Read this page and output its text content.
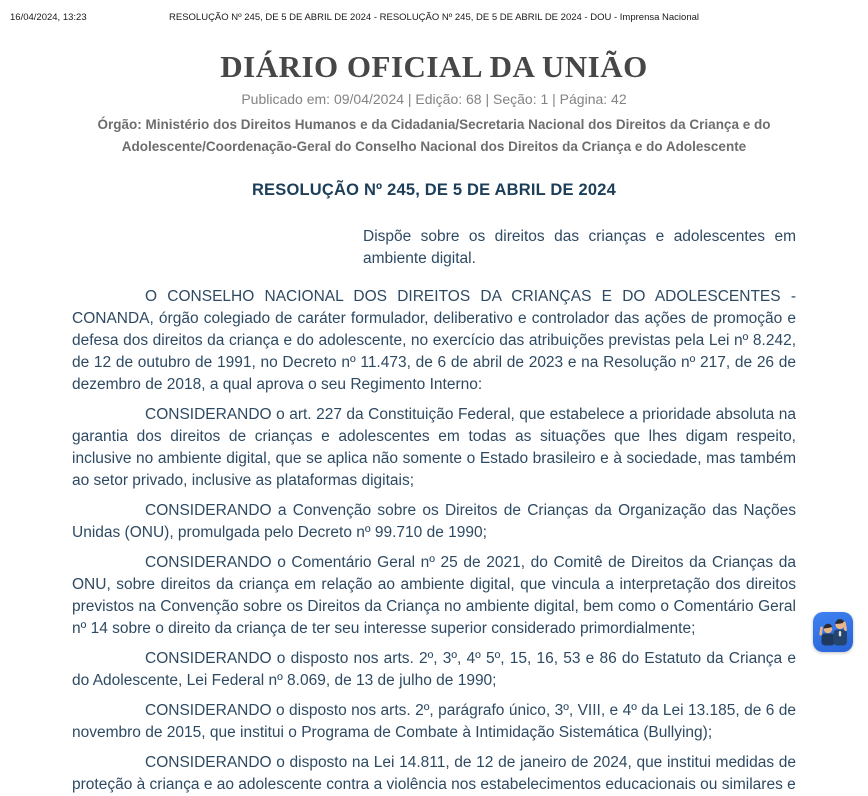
16/04/2024, 13:23	RESOLUÇÃO Nº 245, DE 5 DE ABRIL DE 2024 - RESOLUÇÃO Nº 245, DE 5 DE ABRIL DE 2024 - DOU - Imprensa Nacional
DIÁRIO OFICIAL DA UNIÃO
Publicado em: 09/04/2024 | Edição: 68 | Seção: 1 | Página: 42
Órgão: Ministério dos Direitos Humanos e da Cidadania/Secretaria Nacional dos Direitos da Criança e do Adolescente/Coordenação-Geral do Conselho Nacional dos Direitos da Criança e do Adolescente
RESOLUÇÃO Nº 245, DE 5 DE ABRIL DE 2024

Dispõe sobre os direitos das crianças e adolescentes em ambiente digital.

O CONSELHO NACIONAL DOS DIREITOS DA CRIANÇAS E DO ADOLESCENTES - CONANDA, órgão colegiado de caráter formulador, deliberativo e controlador das ações de promoção e defesa dos direitos da criança e do adolescente, no exercício das atribuições previstas pela Lei nº 8.242, de 12 de outubro de 1991, no Decreto nº 11.473, de 6 de abril de 2023 e na Resolução nº 217, de 26 de dezembro de 2018, a qual aprova o seu Regimento Interno:

CONSIDERANDO o art. 227 da Constituição Federal, que estabelece a prioridade absoluta na garantia dos direitos de crianças e adolescentes em todas as situações que lhes digam respeito, inclusive no ambiente digital, que se aplica não somente o Estado brasileiro e à sociedade, mas também ao setor privado, inclusive as plataformas digitais;

CONSIDERANDO a Convenção sobre os Direitos de Crianças da Organização das Nações Unidas (ONU), promulgada pelo Decreto nº 99.710 de 1990;

CONSIDERANDO o Comentário Geral nº 25 de 2021, do Comitê de Direitos da Crianças da ONU, sobre direitos da criança em relação ao ambiente digital, que vincula a interpretação dos direitos previstos na Convenção sobre os Direitos da Criança no ambiente digital, bem como o Comentário Geral nº 14 sobre o direito da criança de ter seu interesse superior considerado primordialmente;

CONSIDERANDO o disposto nos arts. 2º, 3º, 4º 5º, 15, 16, 53 e 86 do Estatuto da Criança e do Adolescente, Lei Federal nº 8.069, de 13 de julho de 1990;

CONSIDERANDO o disposto nos arts. 2º, parágrafo único, 3º, VIII, e 4º da Lei 13.185, de 6 de novembro de 2015, que institui o Programa de Combate à Intimidação Sistemática (Bullying);

CONSIDERANDO o disposto na Lei 14.811, de 12 de janeiro de 2024, que institui medidas de proteção à criança e ao adolescente contra a violência nos estabelecimentos educacionais ou similares e
